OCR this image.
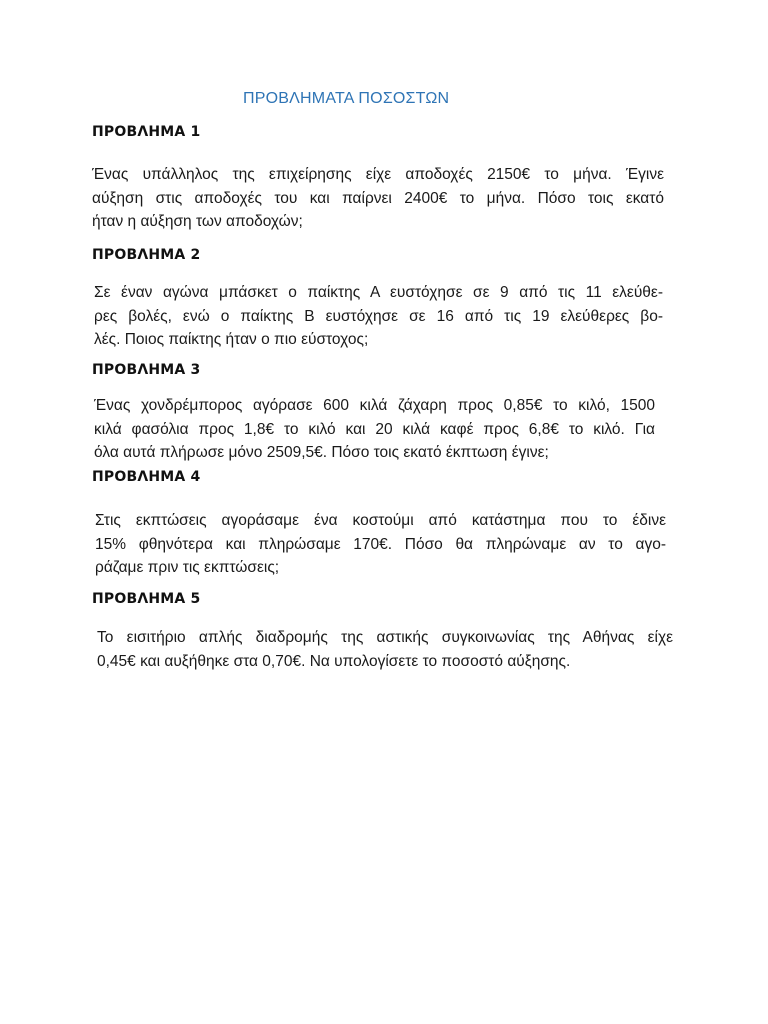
ΠΡΟΒΛΗΜΑΤΑ ΠΟΣΟΣΤΩΝ
ΠΡΟΒΛΗΜΑ 1
Ένας υπάλληλος της επιχείρησης είχε αποδοχές 2150€ το μήνα. Έγινε
αύξηση στις αποδοχές του και παίρνει 2400€ το μήνα. Πόσο τοις εκατό
ήταν η αύξηση των αποδοχών;
ΠΡΟΒΛΗΜΑ 2
Σε έναν αγώνα μπάσκετ ο παίκτης Α ευστόχησε σε 9 από τις 11 ελεύθε-
ρες βολές, ενώ ο παίκτης Β ευστόχησε σε 16 από τις 19 ελεύθερες βο-
λές. Ποιος παίκτης ήταν ο πιο εύστοχος;
ΠΡΟΒΛΗΜΑ 3
Ένας χονδρέμπορος αγόρασε 600 κιλά ζάχαρη προς 0,85€ το κιλό, 1500
κιλά φασόλια προς 1,8€ το κιλό και 20 κιλά καφέ προς 6,8€ το κιλό. Για
όλα αυτά πλήρωσε μόνο 2509,5€. Πόσο τοις εκατό έκπτωση έγινε;
ΠΡΟΒΛΗΜΑ 4
Στις εκπτώσεις αγοράσαμε ένα κοστούμι από κατάστημα που το έδινε
15% φθηνότερα και πληρώσαμε 170€. Πόσο θα πληρώναμε αν το αγο-
ράζαμε πριν τις εκπτώσεις;
ΠΡΟΒΛΗΜΑ 5
Το εισιτήριο απλής διαδρομής της αστικής συγκοινωνίας της Αθήνας είχε
0,45€ και αυξήθηκε στα 0,70€. Να υπολογίσετε το ποσοστό αύξησης.
